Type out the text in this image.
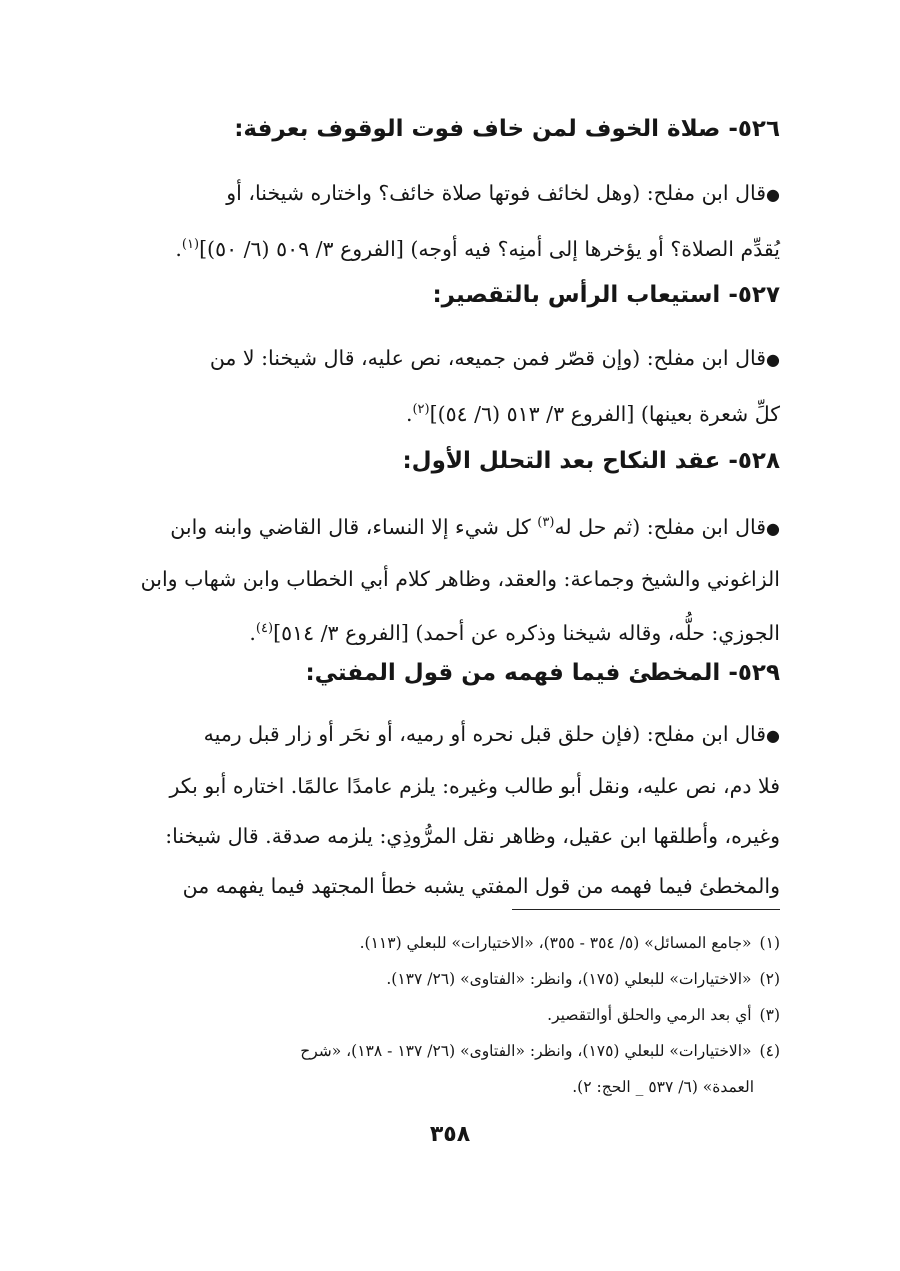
٥٢٦- صلاة الخوف لمن خاف فوت الوقوف بعرفة:
●قال ابن مفلح: (وهل لخائف فوتها صلاة خائف؟ واختاره شيخنا، أو
يُقدِّم الصلاة؟ أو يؤخرها إلى أمنِه؟ فيه أوجه) [الفروع ٣/ ٥٠٩ (٦/ ٥٠)]$^{(١)}$.
٥٢٧- استيعاب الرأس بالتقصير:
●قال ابن مفلح: (وإن قصّر فمن جميعه، نص عليه، قال شيخنا: لا من
كلِّ شعرة بعينها) [الفروع ٣/ ٥١٣ (٦/ ٥٤)]$^{(٢)}$.
٥٢٨- عقد النكاح بعد التحلل الأول:
●قال ابن مفلح: (ثم حل له$^{(٣)}$ كل شيء إلا النساء، قال القاضي وابنه وابن
الزاغوني والشيخ وجماعة: والعقد، وظاهر كلام أبي الخطاب وابن شهاب وابن
الجوزي: حلُّه، وقاله شيخنا وذكره عن أحمد) [الفروع ٣/ ٥١٤]$^{(٤)}$.
٥٢٩- المخطئ فيما فهمه من قول المفتي:
●قال ابن مفلح: (فإن حلق قبل نحره أو رميه، أو نحَر أو زار قبل رميه
فلا دم، نص عليه، ونقل أبو طالب وغيره: يلزم عامدًا عالمًا. اختاره أبو بكر
وغيره، وأطلقها ابن عقيل، وظاهر نقل المرُّوذِي: يلزمه صدقة. قال شيخنا:
والمخطئ فيما فهمه من قول المفتي يشبه خطأ المجتهد فيما يفهمه من
(١)«جامع المسائل» (٥/ ٣٥٤ - ٣٥٥)، «الاختيارات» للبعلي (١١٣).
(٢)«الاختيارات» للبعلي (١٧٥)، وانظر: «الفتاوى» (٢٦/ ١٣٧).
(٣)أي بعد الرمي والحلق أوالتقصير.
(٤)«الاختيارات» للبعلي (١٧٥)، وانظر: «الفتاوى» (٢٦/ ١٣٧ - ١٣٨)، «شرح
العمدة» (٦/ ٥٣٧ _ الحج: ٢).
٣٥٨
